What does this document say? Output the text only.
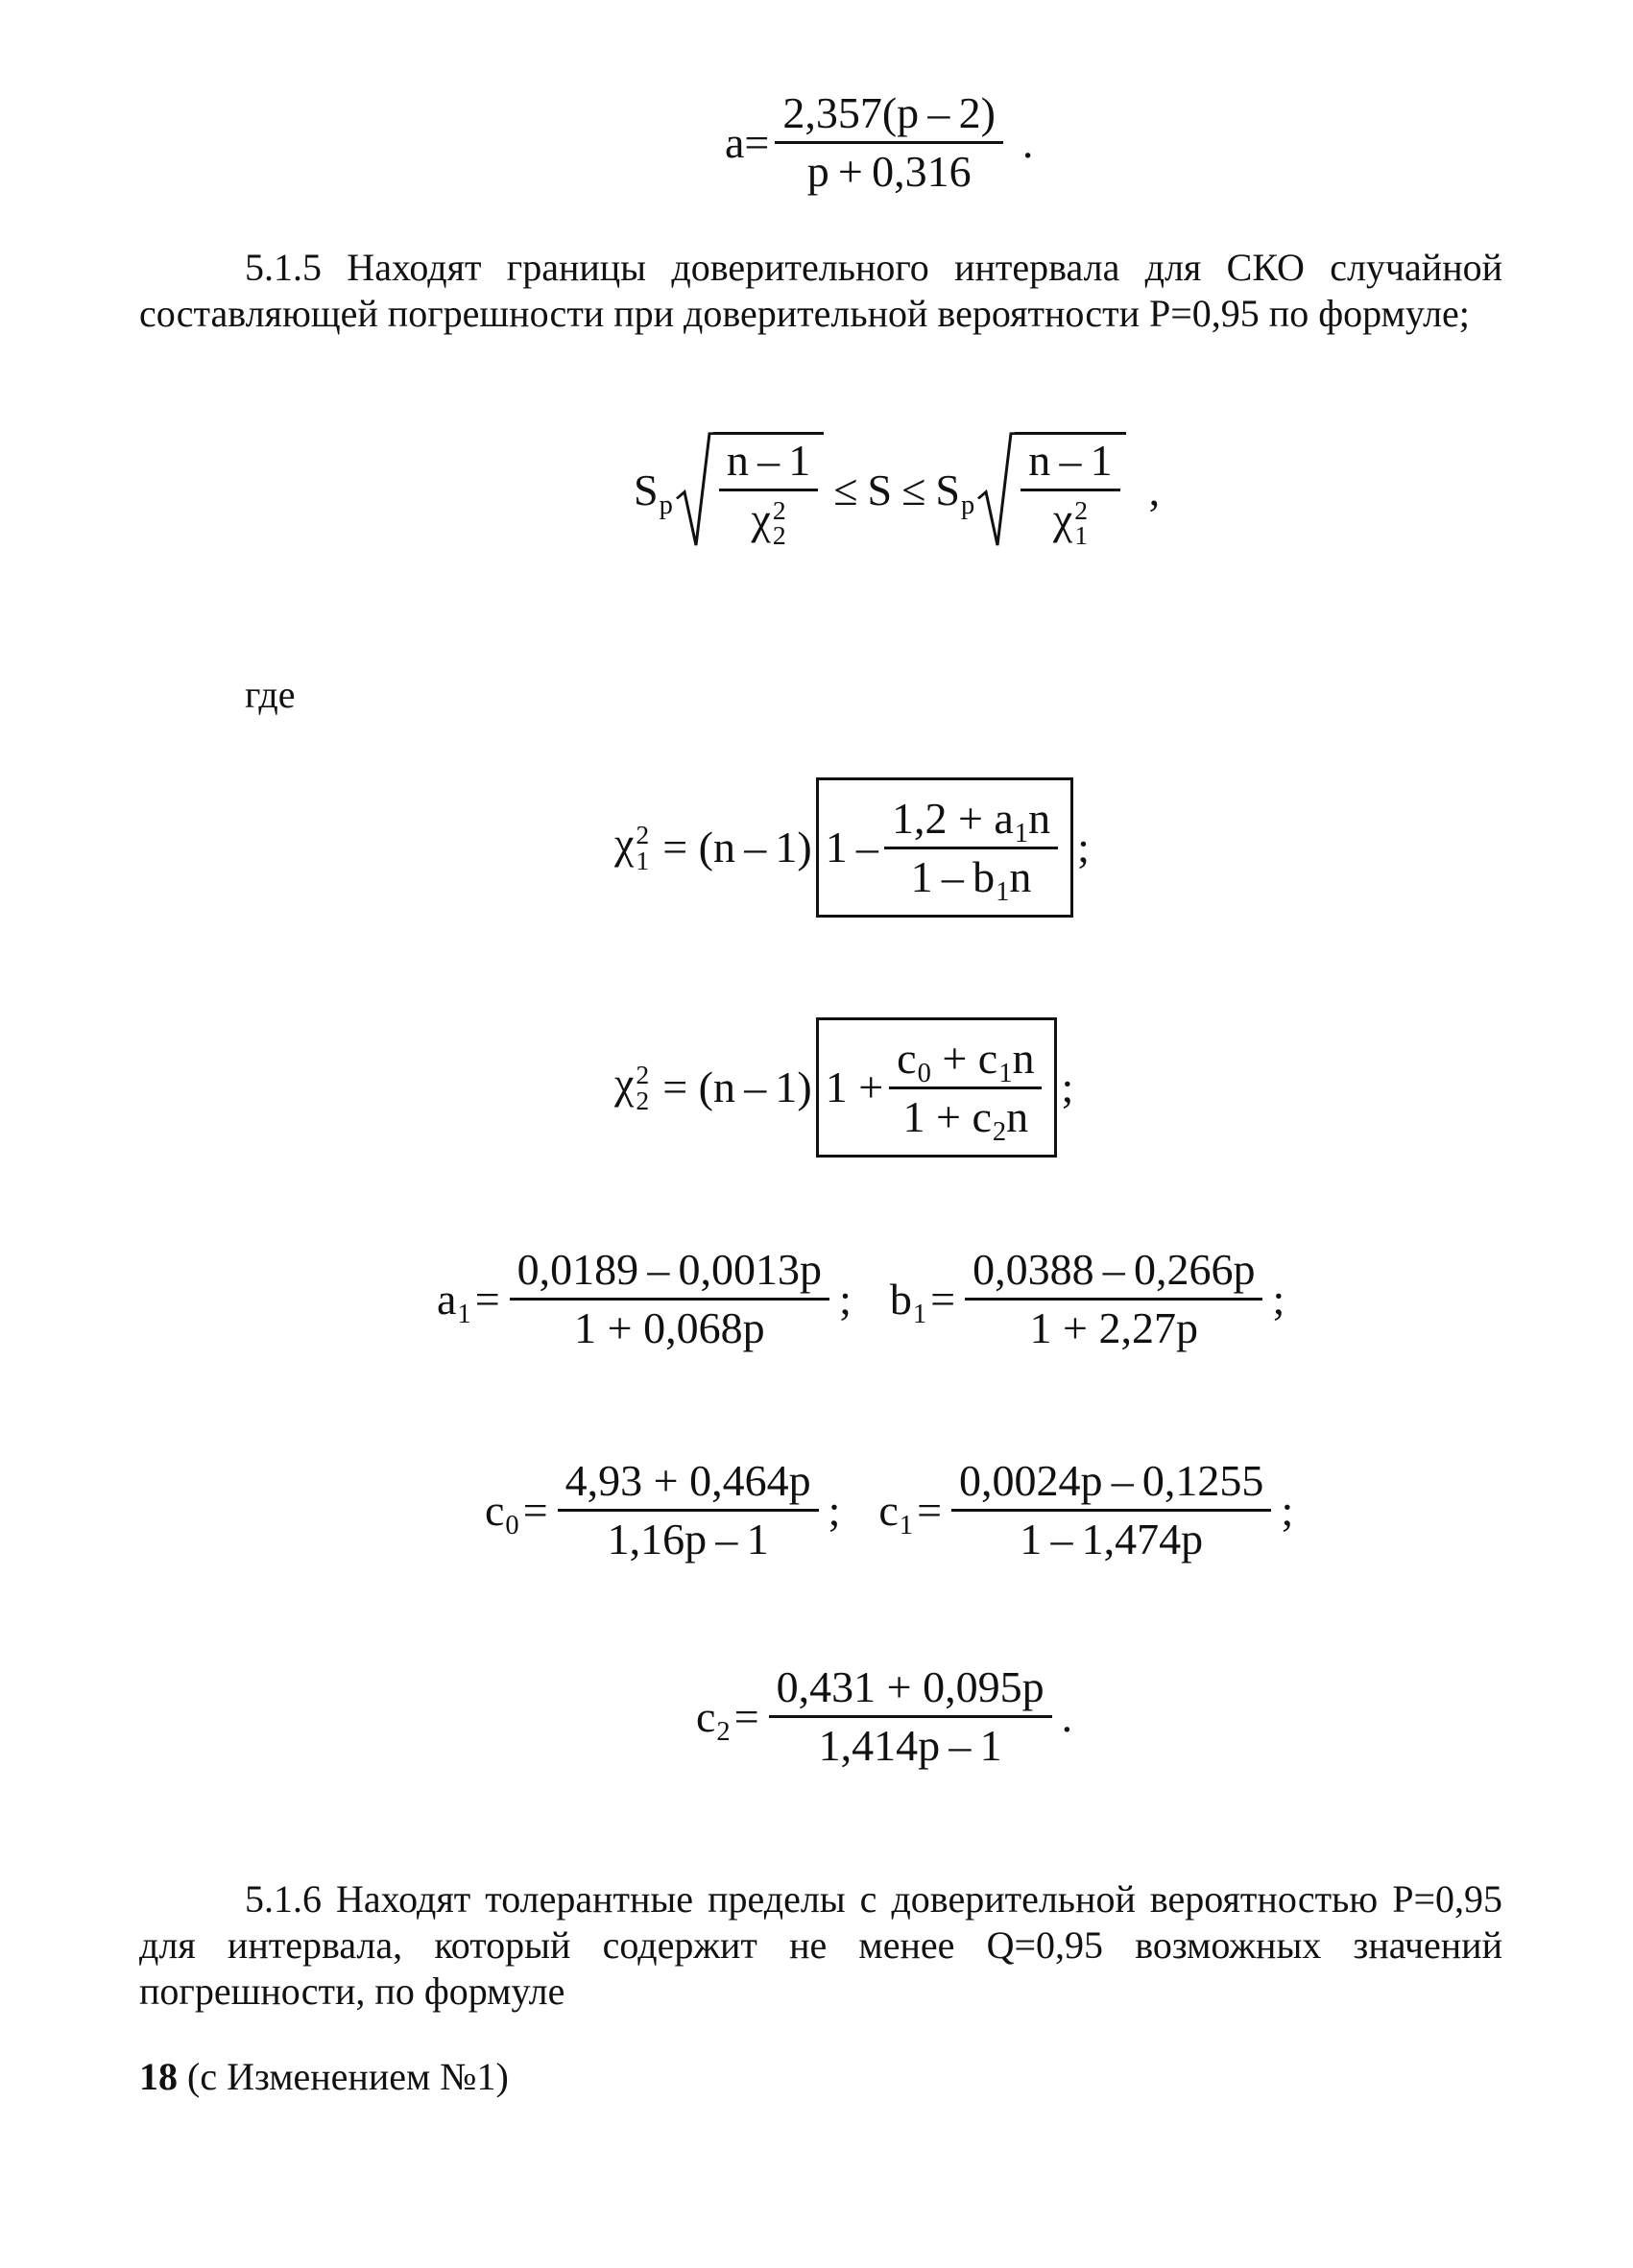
$a= \frac{2,357(p - 2)}{p + 0,316}$ .

5.1.5 Находят границы доверительного интервала для СКО случайной составляющей погрешности при доверительной вероятности P=0,95 по формуле;

Sp n – 1
χ 2
2 ≤ S ≤ Sp n – 1
χ 2
1 ,
где
χ 2
1 = (n – 1) $1 - \frac{1,2 + a1n}{1 - b1n}$ ;
χ 2
2 = (n – 1) $1 + \frac{c0 + c1n}{1 + c2n}$ ;
$a1 = \frac{0,0189 - 0,0013p}{1 + 0,068p}$ ; $b1 = \frac{0,0388 - 0,266p}{1 + 2,27p}$ ;
$c0 = \frac{4,93 + 0,464p}{1,16p - 1}$ ; $c1 = \frac{0,0024p - 0,1255}{1 - 1,474p}$ ;
$c2 = \frac{0,431 + 0,095p}{1,414p - 1}$ .

5.1.6 Находят толерантные пределы с доверительной вероятностью P=0,95 для интервала, который содержит не менее Q=0,95 возможных значений погрешности, по формуле

18 (с Изменением №1)
